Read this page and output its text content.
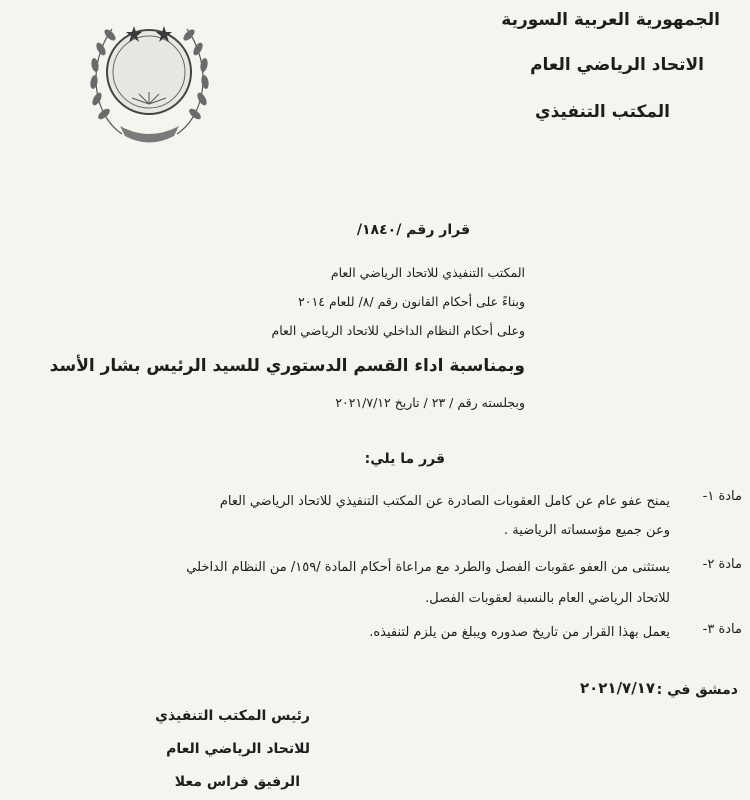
الجمهورية العربية السورية
الاتحاد الرياضي العام
المكتب التنفيذي
قرار رقم /١٨٤٠/
المكتب التنفيذي للاتحاد الرياضي العام
وبناءً على أحكام القانون رقم /٨/ للعام ٢٠١٤
وعلى أحكام النظام الداخلي للاتحاد الرياضي العام
وبمناسبة اداء القسم الدستوري للسيد الرئيس بشار الأسد
وبجلسته رقم / ٢٣ / تاريخ ٢٠٢١/٧/١٢
قرر ما يلي:
مادة ١-
يمنح عفو عام عن كامل العقوبات الصادرة عن المكتب التنفيذي للاتحاد الرياضي العام
وعن جميع مؤسساته الرياضية .
مادة ٢-
يستثنى من العفو عقوبات الفصل والطرد مع مراعاة أحكام المادة /١٥٩/ من النظام الداخلي
للاتحاد الرياضي العام بالنسبة لعقوبات الفصل.
مادة ٣-
يعمل بهذا القرار من تاريخ صدوره ويبلغ من يلزم لتنفيذه.
دمشق في :
٢٠٢١/٧/١٧
رئيس المكتب التنفيذي
للاتحاد الرياضي العام
الرفيق فراس معلا
